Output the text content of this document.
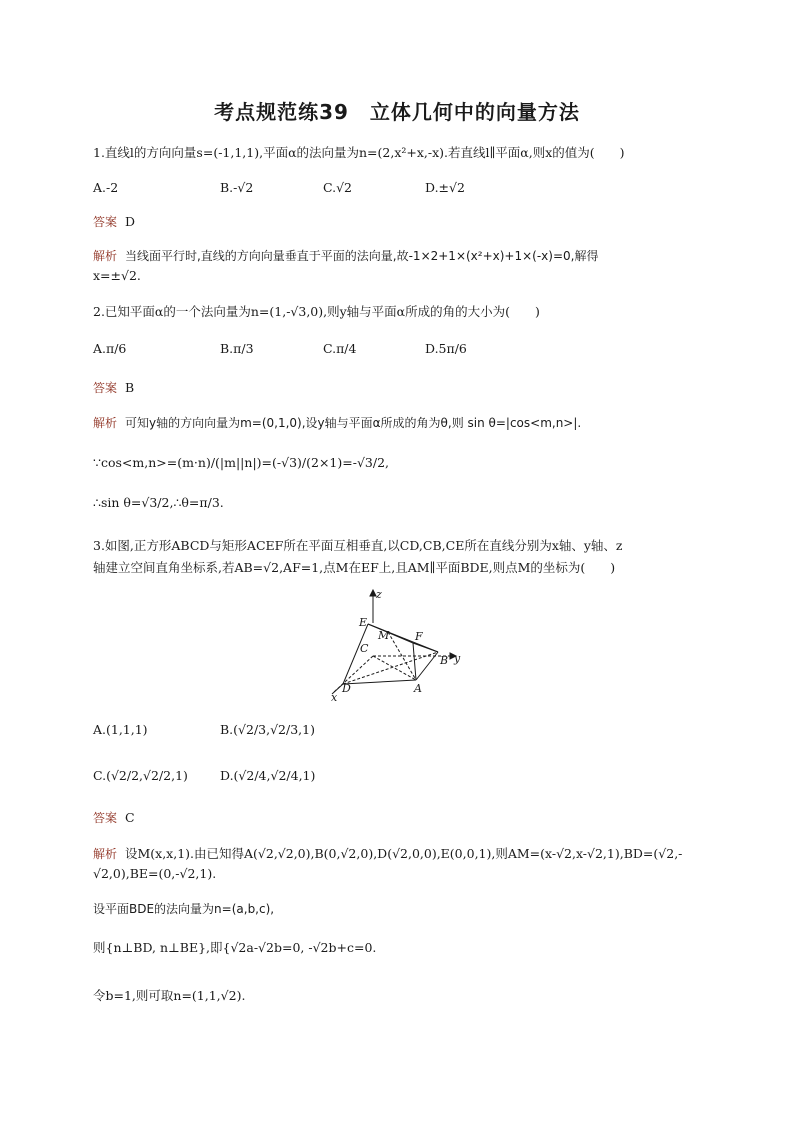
考点规范练39　立体几何中的向量方法
1.直线l的方向向量s=(-1,1,1),平面α的法向量为n=(2,x²+x,-x).若直线l∥平面α,则x的值为(　　)
A.-2	B.-√2	C.√2	D.±√2
答案 D
解析 当线面平行时,直线的方向向量垂直于平面的法向量,故-1×2+1×(x²+x)+1×(-x)=0,解得
x=±√2.
2.已知平面α的一个法向量为n=(1,-√3,0),则y轴与平面α所成的角的大小为(　　)
A.π/6	B.π/3	C.π/4	D.5π/6
答案 B
解析 可知y轴的方向向量为m=(0,1,0),设y轴与平面α所成的角为θ,则 sin θ=|cos<m,n>|.
∵cos<m,n>=(m·n)/(|m||n|)=(-√3)/(2×1)=-√3/2,
∴sin θ=√3/2,∴θ=π/3.
3.如图,正方形ABCD与矩形ACEF所在平面互相垂直,以CD,CB,CE所在直线分别为x轴、y轴、z
轴建立空间直角坐标系,若AB=√2,AF=1,点M在EF上,且AM∥平面BDE,则点M的坐标为(　　)
z
E
F
M
C
y
B
A
D
x
A.(1,1,1)	B.(√2/3,√2/3,1)
C.(√2/2,√2/2,1)	D.(√2/4,√2/4,1)
答案 C
解析 设M(x,x,1).由已知得A(√2,√2,0),B(0,√2,0),D(√2,0,0),E(0,0,1),则AM=(x-√2,x-√2,1),BD=(√2,-
√2,0),BE=(0,-√2,1).
设平面BDE的法向量为n=(a,b,c),
则{n⊥BD, n⊥BE},即{√2a-√2b=0, -√2b+c=0.
令b=1,则可取n=(1,1,√2).
